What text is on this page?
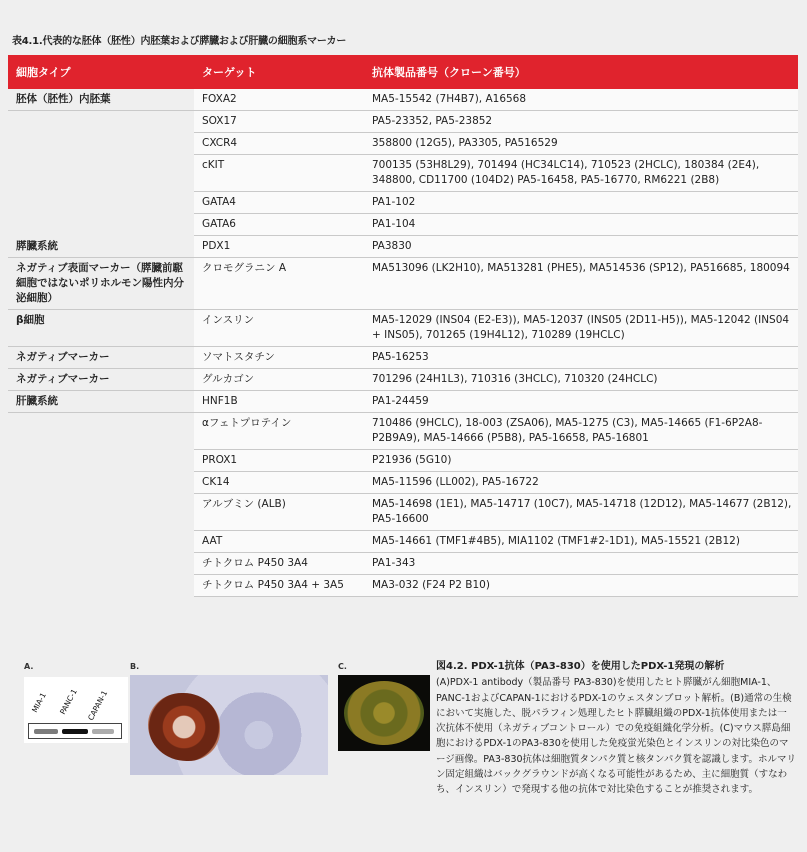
表4.1.代表的な胚体（胚性）内胚葉および膵臓および肝臓の細胞系マーカー
細胞タイプ	ターゲット	抗体製品番号（クローン番号）
胚体（胚性）内胚葉	FOXA2	MA5-15542 (7H4B7), A16568
	SOX17	PA5-23352, PA5-23852
	CXCR4	358800 (12G5), PA3305, PA516529
	cKIT	700135 (53H8L29), 701494 (HC34LC14), 710523 (2HCLC), 180384 (2E4), 348800, CD11700 (104D2) PA5-16458, PA5-16770, RM6221 (2B8)
	GATA4	PA1-102
	GATA6	PA1-104
膵臓系統	PDX1	PA3830
ネガティブ表面マーカー（膵臓前駆細胞ではないポリホルモン陽性内分泌細胞）	クロモグラニン A	MA513096 (LK2H10), MA513281 (PHE5), MA514536 (SP12), PA516685, 180094
β細胞	インスリン	MA5-12029 (INS04 (E2-E3)), MA5-12037 (INS05 (2D11-H5)), MA5-12042 (INS04 + INS05), 701265 (19H4L12), 710289 (19HCLC)
ネガティブマーカー	ソマトスタチン	PA5-16253
ネガティブマーカー	グルカゴン	701296 (24H1L3), 710316 (3HCLC), 710320 (24HCLC)
肝臓系統	HNF1B	PA1-24459
	αフェトプロテイン	710486 (9HCLC), 18-003 (ZSA06), MA5-1275 (C3), MA5-14665 (F1-6P2A8-P2B9A9), MA5-14666 (P5B8), PA5-16658, PA5-16801
	PROX1	P21936 (5G10)
	CK14	MA5-11596 (LL002), PA5-16722
	アルブミン (ALB)	MA5-14698 (1E1), MA5-14717 (10C7), MA5-14718 (12D12), MA5-14677 (2B12), PA5-16600
	AAT	MA5-14661 (TMF1#4B5), MIA1102 (TMF1#2-1D1), MA5-15521 (2B12)
	チトクロム P450 3A4	PA1-343
	チトクロム P450 3A4 + 3A5	MA3-032 (F24 P2 B10)
A.	B.	C.
MIA-1 PANC-1 CAPAN-1
図4.2. PDX-1抗体（PA3-830）を使用したPDX-1発現の解析
(A)PDX-1 antibody（製品番号 PA3-830)を使用したヒト膵臓がん細胞MIA-1、PANC-1およびCAPAN-1におけるPDX-1のウェスタンブロット解析。(B)通常の生検において実施した、脱パラフィン処理したヒト膵臓組織のPDX-1抗体使用または一次抗体不使用（ネガティブコントロール）での免疫組織化学分析。(C)マウス膵島細胞におけるPDX-1のPA3-830を使用した免疫蛍光染色とインスリンの対比染色のマージ画像。PA3-830抗体は細胞質タンパク質と核タンパク質を認識します。ホルマリン固定組織はバックグラウンドが高くなる可能性があるため、主に細胞質（すなわち、インスリン）で発現する他の抗体で対比染色することが推奨されます。
